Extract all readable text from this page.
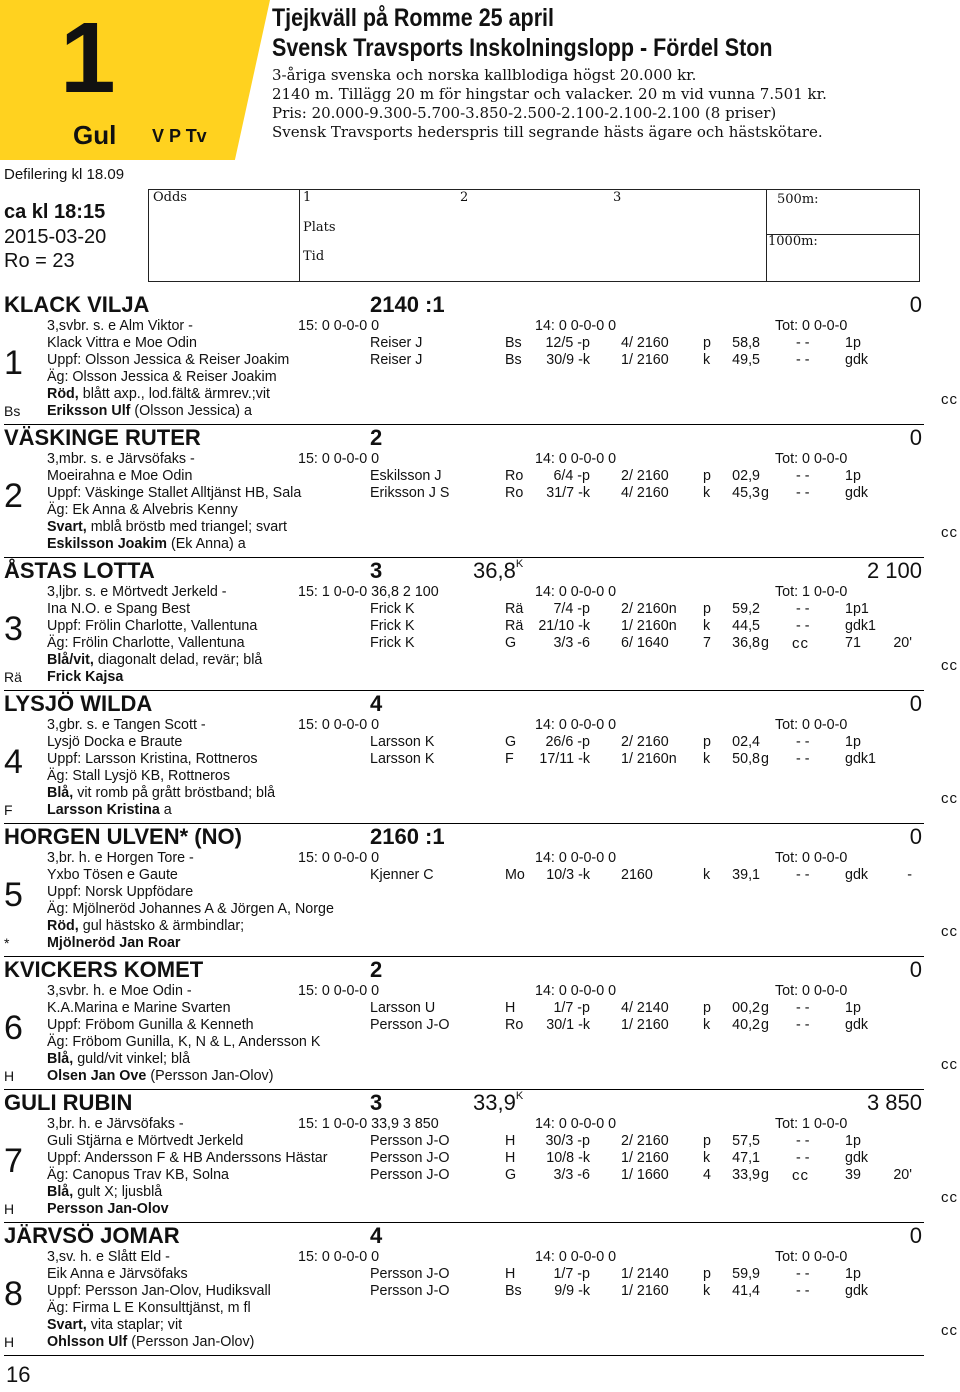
1
Gul V P Tv
Tjejkväll på Romme 25 april
Svensk Travsports Inskolningslopp - Fördel Ston
3-åriga svenska och norska kallblodiga högst 20.000 kr.
2140 m. Tillägg 20 m för hingstar och valacker. 20 m vid vunna 7.501 kr.
Pris: 20.000-9.300-5.700-3.850-2.500-2.100-2.100-2.100 (8 priser)
Svensk Travsports hederspris till segrande hästs ägare och hästskötare.
Defilering kl 18.09
ca kl 18:15
2015-03-20
Ro = 23
Odds	1	2	3
Plats
Tid
500m:
1000m:
KLACK VILJA	2140 :1	0
3,svbr. s. e Alm Viktor -	15: 0 0-0-0 0	14: 0 0-0-0 0	Tot: 0 0-0-0
Klack Vittra e Moe Odin
Uppf: Olsson Jessica & Reiser Joakim
Äg: Olsson Jessica & Reiser Joakim
Röd, blått axp., lod.fält& ärmrev.;vit
Eriksson Ulf (Olsson Jessica) a
1
Bs
cc
Reiser J	Bs	12/5 -p 4/ 2160 p	58,8	- - 1p
Reiser J	Bs	30/9 -k 1/ 2160 k	49,5	- - gdk
VÄSKINGE RUTER	2	0
3,mbr. s. e Järvsöfaks -	15: 0 0-0-0 0	14: 0 0-0-0 0	Tot: 0 0-0-0
Moeirahna e Moe Odin
Uppf: Väskinge Stallet Alltjänst HB, Sala
Äg: Ek Anna & Alvebris Kenny
Svart, mblå bröstb med triangel; svart
Eskilsson Joakim (Ek Anna) a
2
cc
Eskilsson J	Ro	6/4 -p 2/ 2160 p	02,9	- - 1p
Eriksson J S	Ro	31/7 -k 4/ 2160 k	45,3 g - - gdk
ÅSTAS LOTTA	3	$36,8^K$	2 100
3,ljbr. s. e Mörtvedt Jerkeld -	15: 1 0-0-0 36,8 2 100	14: 0 0-0-0 0	Tot: 1 0-0-0
Ina N.O. e Spang Best
Uppf: Frölin Charlotte, Vallentuna
Äg: Frölin Charlotte, Vallentuna
Blå/vit, diagonalt delad, revär; blå
Frick Kajsa
3
Rä
cc
Frick K	Rä	7/4 -p 2/ 2160n p	59,2	- - 1p1
Frick K	Rä	21/10 -k 1/ 2160n k	44,5	- - gdk1
Frick K	G	3/3 -6 6/ 1640 7	36,8 g cc	71	20'
LYSJÖ WILDA	4	0
3,gbr. s. e Tangen Scott -	15: 0 0-0-0 0	14: 0 0-0-0 0	Tot: 0 0-0-0
Lysjö Docka e Braute
Uppf: Larsson Kristina, Rottneros
Äg: Stall Lysjö KB, Rottneros
Blå, vit romb på grått bröstband; blå
Larsson Kristina a
4
F
cc
Larsson K	G	26/6 -p 2/ 2160 p	02,4	- - 1p
Larsson K	F	17/11 -k 1/ 2160n k	50,8 g - - gdk1
HORGEN ULVEN* (NO)	2160 :1	0
3,br. h. e Horgen Tore -	15: 0 0-0-0 0	14: 0 0-0-0 0	Tot: 0 0-0-0
Yxbo Tösen e Gaute
Uppf: Norsk Uppfödare
Äg: Mjölneröd Johannes A & Jörgen A, Norge
Röd, gul hästsko & ärmbindlar;
Mjölneröd Jan Roar
5
*
cc
Kjenner C	Mo	10/3 -k 2160	k	39,1	- - gdk	-
KVICKERS KOMET	2	0
3,svbr. h. e Moe Odin -	15: 0 0-0-0 0	14: 0 0-0-0 0	Tot: 0 0-0-0
K.A.Marina e Marine Svarten
Uppf: Fröbom Gunilla & Kenneth
Äg: Fröbom Gunilla, K, N & L, Andersson K
Blå, guld/vit vinkel; blå
Olsen Jan Ove (Persson Jan-Olov)
6
H
cc
Larsson U	H	1/7 -p 4/ 2140 p	00,2 g - - 1p
Persson J-O	Ro	30/1 -k 1/ 2160 k	40,2 g - - gdk
GULI RUBIN	3	$33,9^K$	3 850
3,br. h. e Järvsöfaks -	15: 1 0-0-0 33,9 3 850	14: 0 0-0-0 0	Tot: 1 0-0-0
Guli Stjärna e Mörtvedt Jerkeld
Uppf: Andersson F & HB Anderssons Hästar
Äg: Canopus Trav KB, Solna
Blå, gult X; ljusblå
Persson Jan-Olov
7
H
cc
Persson J-O	H	30/3 -p 2/ 2160 p	57,5	- - 1p
Persson J-O	H	10/8 -k 1/ 2160 k	47,1	- - gdk
Persson J-O	G	3/3 -6 1/ 1660 4	33,9 g cc	39	20'
JÄRVSÖ JOMAR	4	0
3,sv. h. e Slått Eld -	15: 0 0-0-0 0	14: 0 0-0-0 0	Tot: 0 0-0-0
Eik Anna e Järvsöfaks
Uppf: Persson Jan-Olov, Hudiksvall
Äg: Firma L E Konsulttjänst, m fl
Svart, vita staplar; vit
Ohlsson Ulf (Persson Jan-Olov)
8
H
cc
Persson J-O	H	1/7 -p 1/ 2140 p	59,9	- - 1p
Persson J-O	Bs	9/9 -k 1/ 2160 k	41,4	- - gdk
16
